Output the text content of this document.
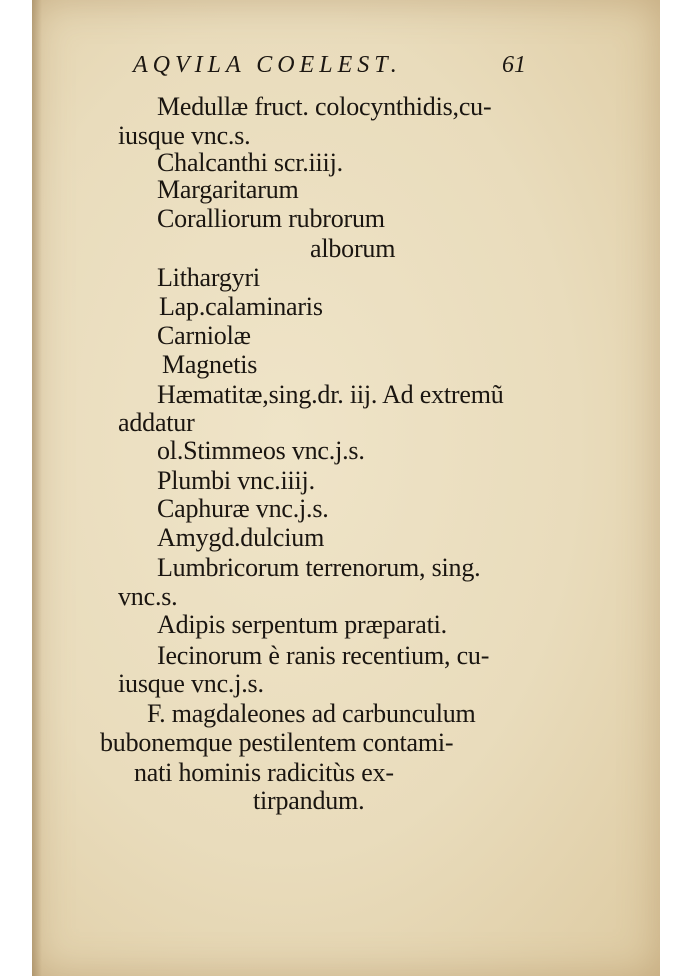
AQVILA COELEST.	61
Medullæ fruct. colocynthidis,cu-
iusque vnc.s.
Chalcanthi scr.iiij.
Margaritarum
Coralliorum rubrorum
alborum
Lithargyri
Lap.calaminaris
Carniolæ
Magnetis
Hæmatitæ,sing.dr. iij. Ad extremũ
addatur
ol.Stimmeos vnc.j.s.
Plumbi vnc.iiij.
Caphuræ vnc.j.s.
Amygd.dulcium
Lumbricorum terrenorum, sing.
vnc.s.
Adipis serpentum præparati.
Iecinorum è ranis recentium, cu-
iusque vnc.j.s.
F. magdaleones ad carbunculum
bubonemque pestilentem contami-
nati hominis radicitùs ex-
tirpandum.
